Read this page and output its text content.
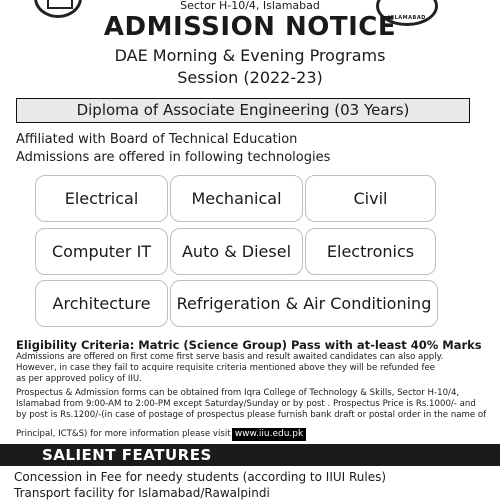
ISLAMABAD
Sector H-10/4, Islamabad
ADMISSION NOTICE
DAE Morning & Evening Programs
Session (2022-23)
Diploma of Associate Engineering (03 Years)
Affiliated with Board of Technical Education
Admissions are offered in following technologies
Electrical	Mechanical	Civil
Computer IT	Auto & Diesel	Electronics
Architecture	Refrigeration & Air Conditioning
Eligibility Criteria: Matric (Science Group) Pass with at-least 40% Marks
Admissions are offered on first come first serve basis and result awaited candidates can also apply.
However, in case they fail to acquire requisite criteria mentioned above they will be refunded fee
as per approved policy of IIU.
Prospectus & Admission forms can be obtained from Iqra College of Technology & Skills, Sector H-10/4,
Islamabad from 9:00-AM to 2:00-PM except Saturday/Sunday or by post . Prospectus Price is Rs.1000/- and
by post is Rs.1200/-(in case of postage of prospectus please furnish bank draft or postal order in the name of
Principal, ICT&S) for more information please visit www.iiu.edu.pk
SALIENT FEATURES
Concession in Fee for needy students (according to IIUI Rules)
Transport facility for Islamabad/Rawalpindi
